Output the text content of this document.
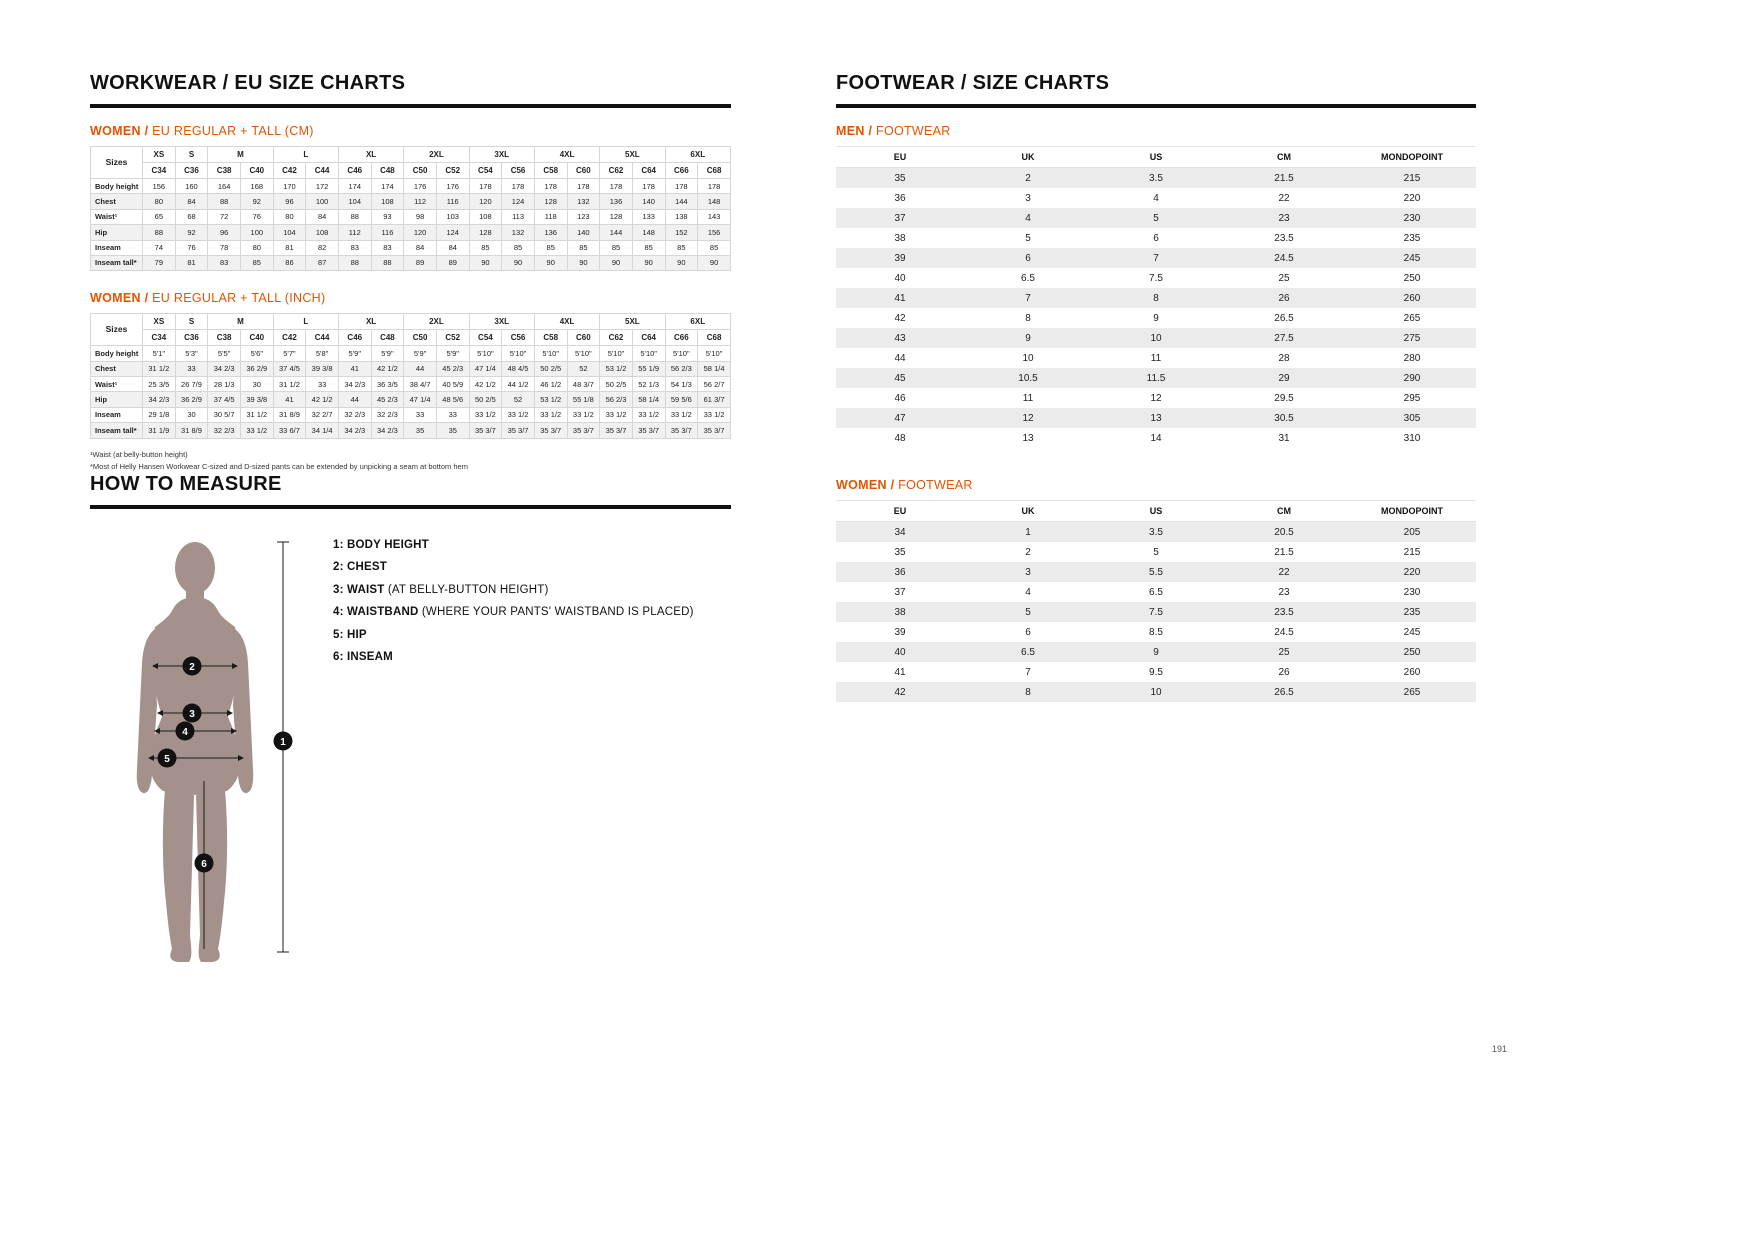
WORKWEAR / EU SIZE CHARTS
WOMEN / EU REGULAR + TALL (CM)
Sizes	XS	S	M		L		XL		2XL		3XL		4XL		5XL		6XL	
	C34	C36	C38	C40	C42	C44	C46	C48	C50	C52	C54	C56	C58	C60	C62	C64	C66	C68
Body height	156	160	164	168	170	172	174	174	176	176	178	178	178	178	178	178	178	178
Chest	80	84	88	92	96	100	104	108	112	116	120	124	128	132	136	140	144	148
Waist¹	65	68	72	76	80	84	88	93	98	103	108	113	118	123	128	133	138	143
Hip	88	92	96	100	104	108	112	116	120	124	128	132	136	140	144	148	152	156
Inseam	74	76	78	80	81	82	83	83	84	84	85	85	85	85	85	85	85	85
Inseam tall*	79	81	83	85	86	87	88	88	89	89	90	90	90	90	90	90	90	90
WOMEN / EU REGULAR + TALL (INCH)
Sizes	XS	S	M		L		XL		2XL		3XL		4XL		5XL		6XL	
	C34	C36	C38	C40	C42	C44	C46	C48	C50	C52	C54	C56	C58	C60	C62	C64	C66	C68
Body height	5'1"	5'3"	5'5"	5'6"	5'7"	5'8"	5'9"	5'9"	5'9"	5'9"	5'10"	5'10"	5'10"	5'10"	5'10"	5'10"	5'10"	5'10"
Chest	31 1/2	33	34 2/3	36 2/9	37 4/5	39 3/8	41	42 1/2	44	45 2/3	47 1/4	48 4/5	50 2/5	52	53 1/2	55 1/9	56 2/3	58 1/4
Waist¹	25 3/5	26 7/9	28 1/3	30	31 1/2	33	34 2/3	36 3/5	38 4/7	40 5/9	42 1/2	44 1/2	46 1/2	48 3/7	50 2/5	52 1/3	54 1/3	56 2/7
Hip	34 2/3	36 2/9	37 4/5	39 3/8	41	42 1/2	44	45 2/3	47 1/4	48 5/6	50 2/5	52	53 1/2	55 1/8	56 2/3	58 1/4	59 5/6	61 3/7
Inseam	29 1/8	30	30 5/7	31 1/2	31 8/9	32 2/7	32 2/3	32 2/3	33	33	33 1/2	33 1/2	33 1/2	33 1/2	33 1/2	33 1/2	33 1/2	33 1/2
Inseam tall*	31 1/9	31 8/9	32 2/3	33 1/2	33 6/7	34 1/4	34 2/3	34 2/3	35	35	35 3/7	35 3/7	35 3/7	35 3/7	35 3/7	35 3/7	35 3/7	35 3/7
¹Waist (at belly-button height)
*Most of Helly Hansen Workwear C-sized and D-sized pants can be extended by unpicking a seam at bottom hem
HOW TO MEASURE
1
2
3
4
5
6
1: BODY HEIGHT
2: CHEST
3: WAIST (AT BELLY-BUTTON HEIGHT)
4: WAISTBAND (WHERE YOUR PANTS' WAISTBAND IS PLACED)
5: HIP
6: INSEAM
FOOTWEAR / SIZE CHARTS
MEN / FOOTWEAR
EU	UK	US	CM	MONDOPOINT
35	2	3.5	21.5	215
36	3	4	22	220
37	4	5	23	230
38	5	6	23.5	235
39	6	7	24.5	245
40	6.5	7.5	25	250
41	7	8	26	260
42	8	9	26.5	265
43	9	10	27.5	275
44	10	11	28	280
45	10.5	11.5	29	290
46	11	12	29.5	295
47	12	13	30.5	305
48	13	14	31	310
WOMEN / FOOTWEAR
EU	UK	US	CM	MONDOPOINT
34	1	3.5	20.5	205
35	2	5	21.5	215
36	3	5.5	22	220
37	4	6.5	23	230
38	5	7.5	23.5	235
39	6	8.5	24.5	245
40	6.5	9	25	250
41	7	9.5	26	260
42	8	10	26.5	265
191
